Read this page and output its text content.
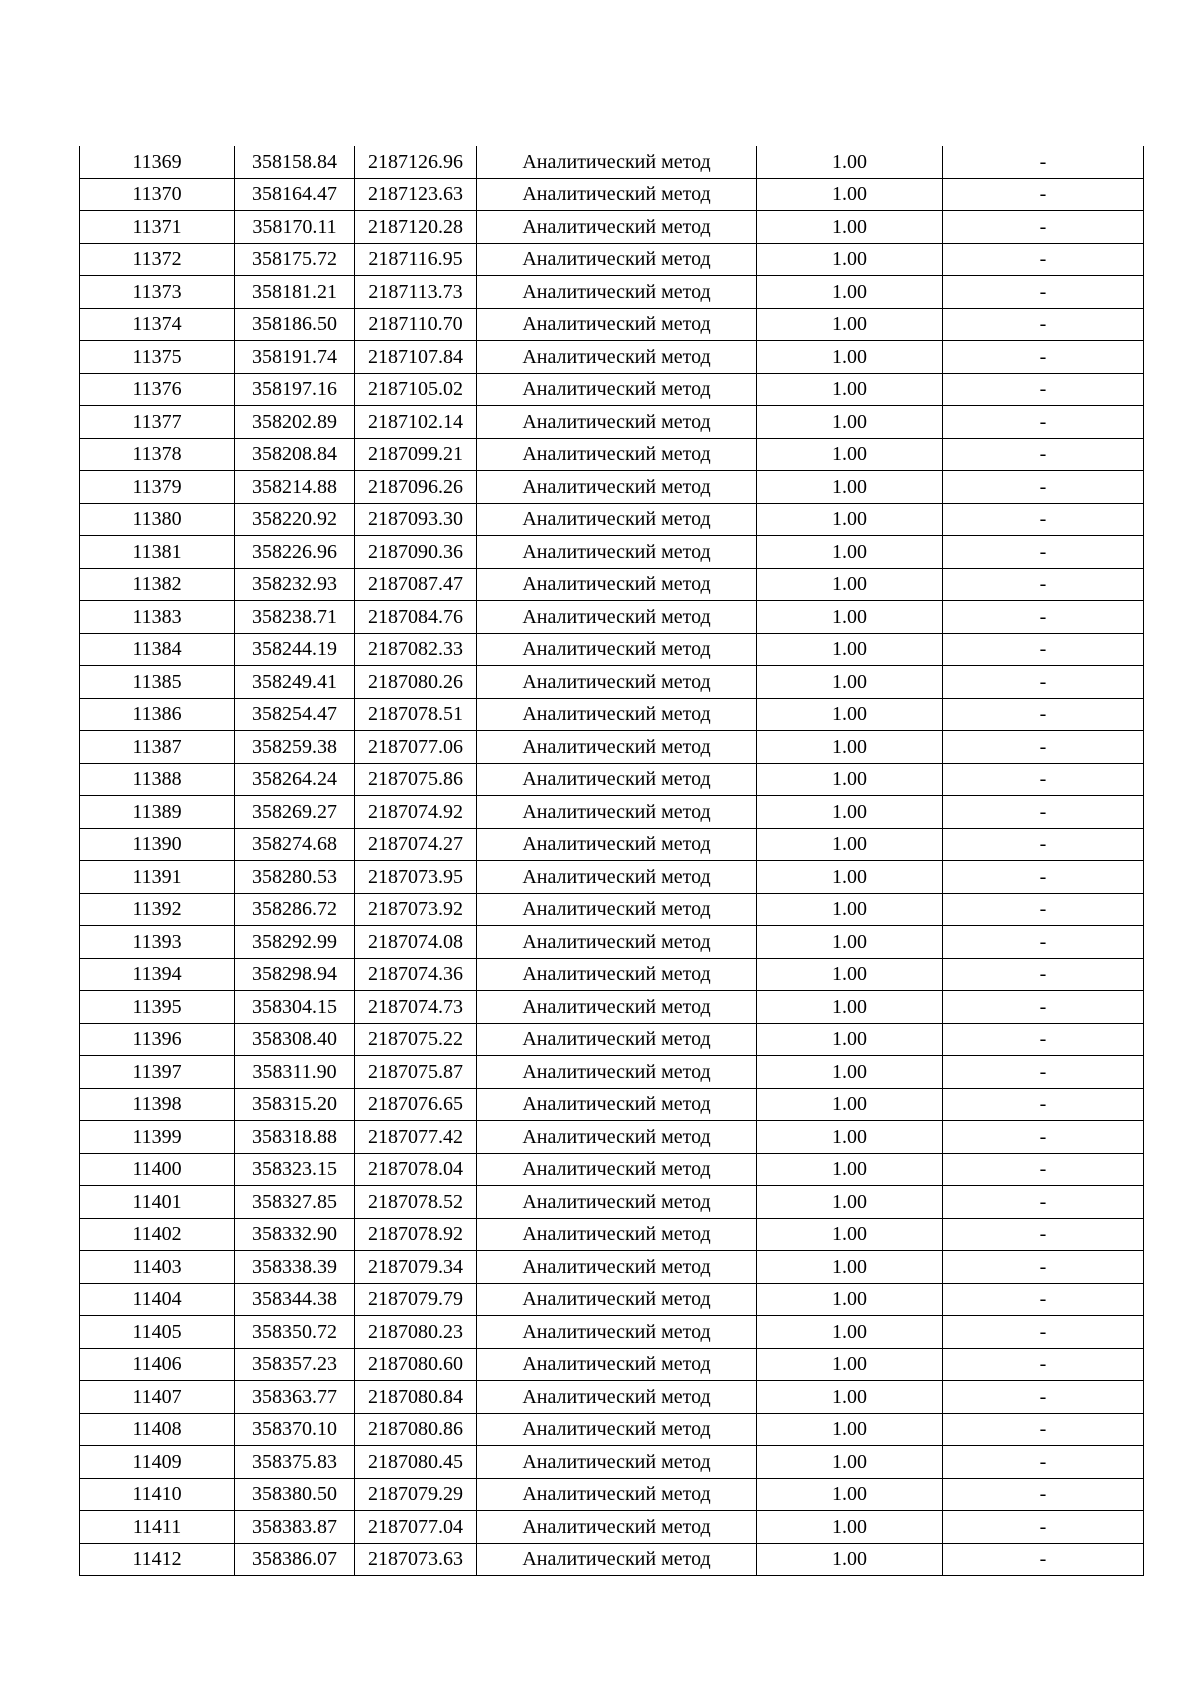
11369	358158.84	2187126.96	Аналитический метод	1.00	-
11370	358164.47	2187123.63	Аналитический метод	1.00	-
11371	358170.11	2187120.28	Аналитический метод	1.00	-
11372	358175.72	2187116.95	Аналитический метод	1.00	-
11373	358181.21	2187113.73	Аналитический метод	1.00	-
11374	358186.50	2187110.70	Аналитический метод	1.00	-
11375	358191.74	2187107.84	Аналитический метод	1.00	-
11376	358197.16	2187105.02	Аналитический метод	1.00	-
11377	358202.89	2187102.14	Аналитический метод	1.00	-
11378	358208.84	2187099.21	Аналитический метод	1.00	-
11379	358214.88	2187096.26	Аналитический метод	1.00	-
11380	358220.92	2187093.30	Аналитический метод	1.00	-
11381	358226.96	2187090.36	Аналитический метод	1.00	-
11382	358232.93	2187087.47	Аналитический метод	1.00	-
11383	358238.71	2187084.76	Аналитический метод	1.00	-
11384	358244.19	2187082.33	Аналитический метод	1.00	-
11385	358249.41	2187080.26	Аналитический метод	1.00	-
11386	358254.47	2187078.51	Аналитический метод	1.00	-
11387	358259.38	2187077.06	Аналитический метод	1.00	-
11388	358264.24	2187075.86	Аналитический метод	1.00	-
11389	358269.27	2187074.92	Аналитический метод	1.00	-
11390	358274.68	2187074.27	Аналитический метод	1.00	-
11391	358280.53	2187073.95	Аналитический метод	1.00	-
11392	358286.72	2187073.92	Аналитический метод	1.00	-
11393	358292.99	2187074.08	Аналитический метод	1.00	-
11394	358298.94	2187074.36	Аналитический метод	1.00	-
11395	358304.15	2187074.73	Аналитический метод	1.00	-
11396	358308.40	2187075.22	Аналитический метод	1.00	-
11397	358311.90	2187075.87	Аналитический метод	1.00	-
11398	358315.20	2187076.65	Аналитический метод	1.00	-
11399	358318.88	2187077.42	Аналитический метод	1.00	-
11400	358323.15	2187078.04	Аналитический метод	1.00	-
11401	358327.85	2187078.52	Аналитический метод	1.00	-
11402	358332.90	2187078.92	Аналитический метод	1.00	-
11403	358338.39	2187079.34	Аналитический метод	1.00	-
11404	358344.38	2187079.79	Аналитический метод	1.00	-
11405	358350.72	2187080.23	Аналитический метод	1.00	-
11406	358357.23	2187080.60	Аналитический метод	1.00	-
11407	358363.77	2187080.84	Аналитический метод	1.00	-
11408	358370.10	2187080.86	Аналитический метод	1.00	-
11409	358375.83	2187080.45	Аналитический метод	1.00	-
11410	358380.50	2187079.29	Аналитический метод	1.00	-
11411	358383.87	2187077.04	Аналитический метод	1.00	-
11412	358386.07	2187073.63	Аналитический метод	1.00	-
